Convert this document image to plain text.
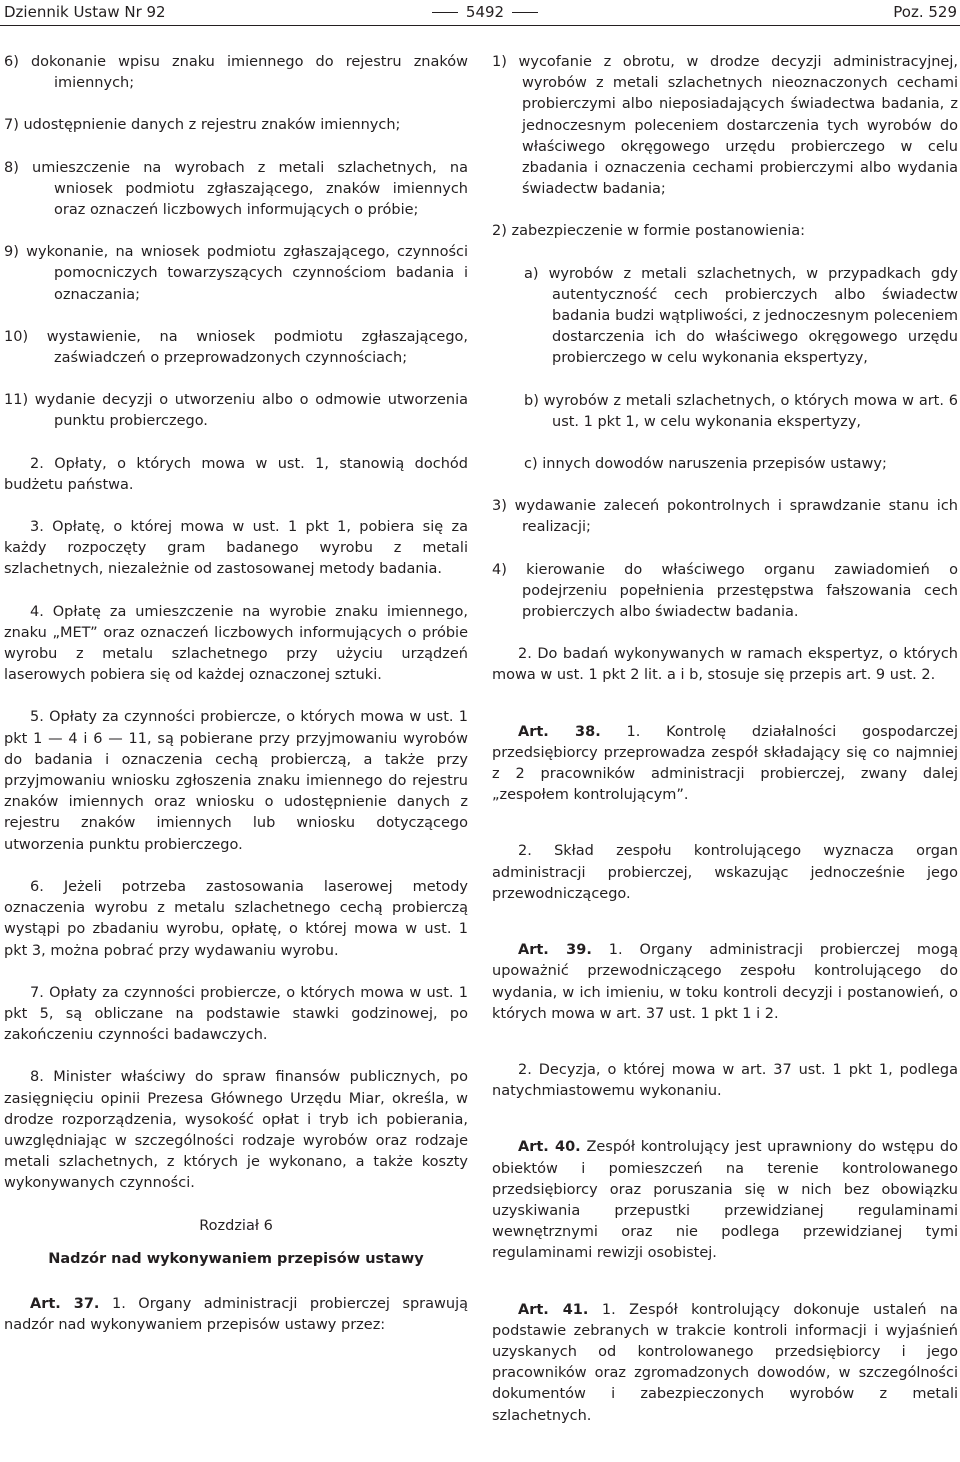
Dziennik Ustaw Nr 92	5492	Poz. 529

6) dokonanie wpisu znaku imiennego do rejestru znaków imiennych;

7) udostępnienie danych z rejestru znaków imiennych;

8) umieszczenie na wyrobach z metali szlachetnych, na wniosek podmiotu zgłaszającego, znaków imiennych oraz oznaczeń liczbowych informujących o próbie;

9) wykonanie, na wniosek podmiotu zgłaszającego, czynności pomocniczych towarzyszących czynnościom badania i oznaczania;

10) wystawienie, na wniosek podmiotu zgłaszającego, zaświadczeń o przeprowadzonych czynnościach;

11) wydanie decyzji o utworzeniu albo o odmowie utworzenia punktu probierczego.

2. Opłaty, o których mowa w ust. 1, stanowią dochód budżetu państwa.

3. Opłatę, o której mowa w ust. 1 pkt 1, pobiera się za każdy rozpoczęty gram badanego wyrobu z metali szlachetnych, niezależnie od zastosowanej metody badania.

4. Opłatę za umieszczenie na wyrobie znaku imiennego, znaku „MET” oraz oznaczeń liczbowych informujących o próbie wyrobu z metalu szlachetnego przy użyciu urządzeń laserowych pobiera się od każdej oznaczonej sztuki.

5. Opłaty za czynności probiercze, o których mowa w ust. 1 pkt 1 — 4 i 6 — 11, są pobierane przy przyjmowaniu wyrobów do badania i oznaczenia cechą probierczą, a także przy przyjmowaniu wniosku zgłoszenia znaku imiennego do rejestru znaków imiennych oraz wniosku o udostępnienie danych z rejestru znaków imiennych lub wniosku dotyczącego utworzenia punktu probierczego.

6. Jeżeli potrzeba zastosowania laserowej metody oznaczenia wyrobu z metalu szlachetnego cechą probierczą wystąpi po zbadaniu wyrobu, opłatę, o której mowa w ust. 1 pkt 3, można pobrać przy wydawaniu wyrobu.

7. Opłaty za czynności probiercze, o których mowa w ust. 1 pkt 5, są obliczane na podstawie stawki godzinowej, po zakończeniu czynności badawczych.

8. Minister właściwy do spraw finansów publicznych, po zasięgnięciu opinii Prezesa Głównego Urzędu Miar, określa, w drodze rozporządzenia, wysokość opłat i tryb ich pobierania, uwzględniając w szczególności rodzaje wyrobów oraz rodzaje metali szlachetnych, z których je wykonano, a także koszty wykonywanych czynności.

Rozdział 6

Nadzór nad wykonywaniem przepisów ustawy

Art. 37. 1. Organy administracji probierczej sprawują nadzór nad wykonywaniem przepisów ustawy przez:

1) wycofanie z obrotu, w drodze decyzji administracyjnej, wyrobów z metali szlachetnych nieoznaczonych cechami probierczymi albo nieposiadających świadectwa badania, z jednoczesnym poleceniem dostarczenia tych wyrobów do właściwego okręgowego urzędu probierczego w celu zbadania i oznaczenia cechami probierczymi albo wydania świadectw badania;

2) zabezpieczenie w formie postanowienia:

a) wyrobów z metali szlachetnych, w przypadkach gdy autentyczność cech probierczych albo świadectw badania budzi wątpliwości, z jednoczesnym poleceniem dostarczenia ich do właściwego okręgowego urzędu probierczego w celu wykonania ekspertyzy,

b) wyrobów z metali szlachetnych, o których mowa w art. 6 ust. 1 pkt 1, w celu wykonania ekspertyzy,

c) innych dowodów naruszenia przepisów ustawy;

3) wydawanie zaleceń pokontrolnych i sprawdzanie stanu ich realizacji;

4) kierowanie do właściwego organu zawiadomień o podejrzeniu popełnienia przestępstwa fałszowania cech probierczych albo świadectw badania.

2. Do badań wykonywanych w ramach ekspertyz, o których mowa w ust. 1 pkt 2 lit. a i b, stosuje się przepis art. 9 ust. 2.

Art. 38. 1. Kontrolę działalności gospodarczej przedsiębiorcy przeprowadza zespół składający się co najmniej z 2 pracowników administracji probierczej, zwany dalej „zespołem kontrolującym”.

2. Skład zespołu kontrolującego wyznacza organ administracji probierczej, wskazując jednocześnie jego przewodniczącego.

Art. 39. 1. Organy administracji probierczej mogą upoważnić przewodniczącego zespołu kontrolującego do wydania, w ich imieniu, w toku kontroli decyzji i postanowień, o których mowa w art. 37 ust. 1 pkt 1 i 2.

2. Decyzja, o której mowa w art. 37 ust. 1 pkt 1, podlega natychmiastowemu wykonaniu.

Art. 40. Zespół kontrolujący jest uprawniony do wstępu do obiektów i pomieszczeń na terenie kontrolowanego przedsiębiorcy oraz poruszania się w nich bez obowiązku uzyskiwania przepustki przewidzianej regulaminami wewnętrznymi oraz nie podlega przewidzianej tymi regulaminami rewizji osobistej.

Art. 41. 1. Zespół kontrolujący dokonuje ustaleń na podstawie zebranych w trakcie kontroli informacji i wyjaśnień uzyskanych od kontrolowanego przedsiębiorcy i jego pracowników oraz zgromadzonych dowodów, w szczególności dokumentów i zabezpieczonych wyrobów z metali szlachetnych.
